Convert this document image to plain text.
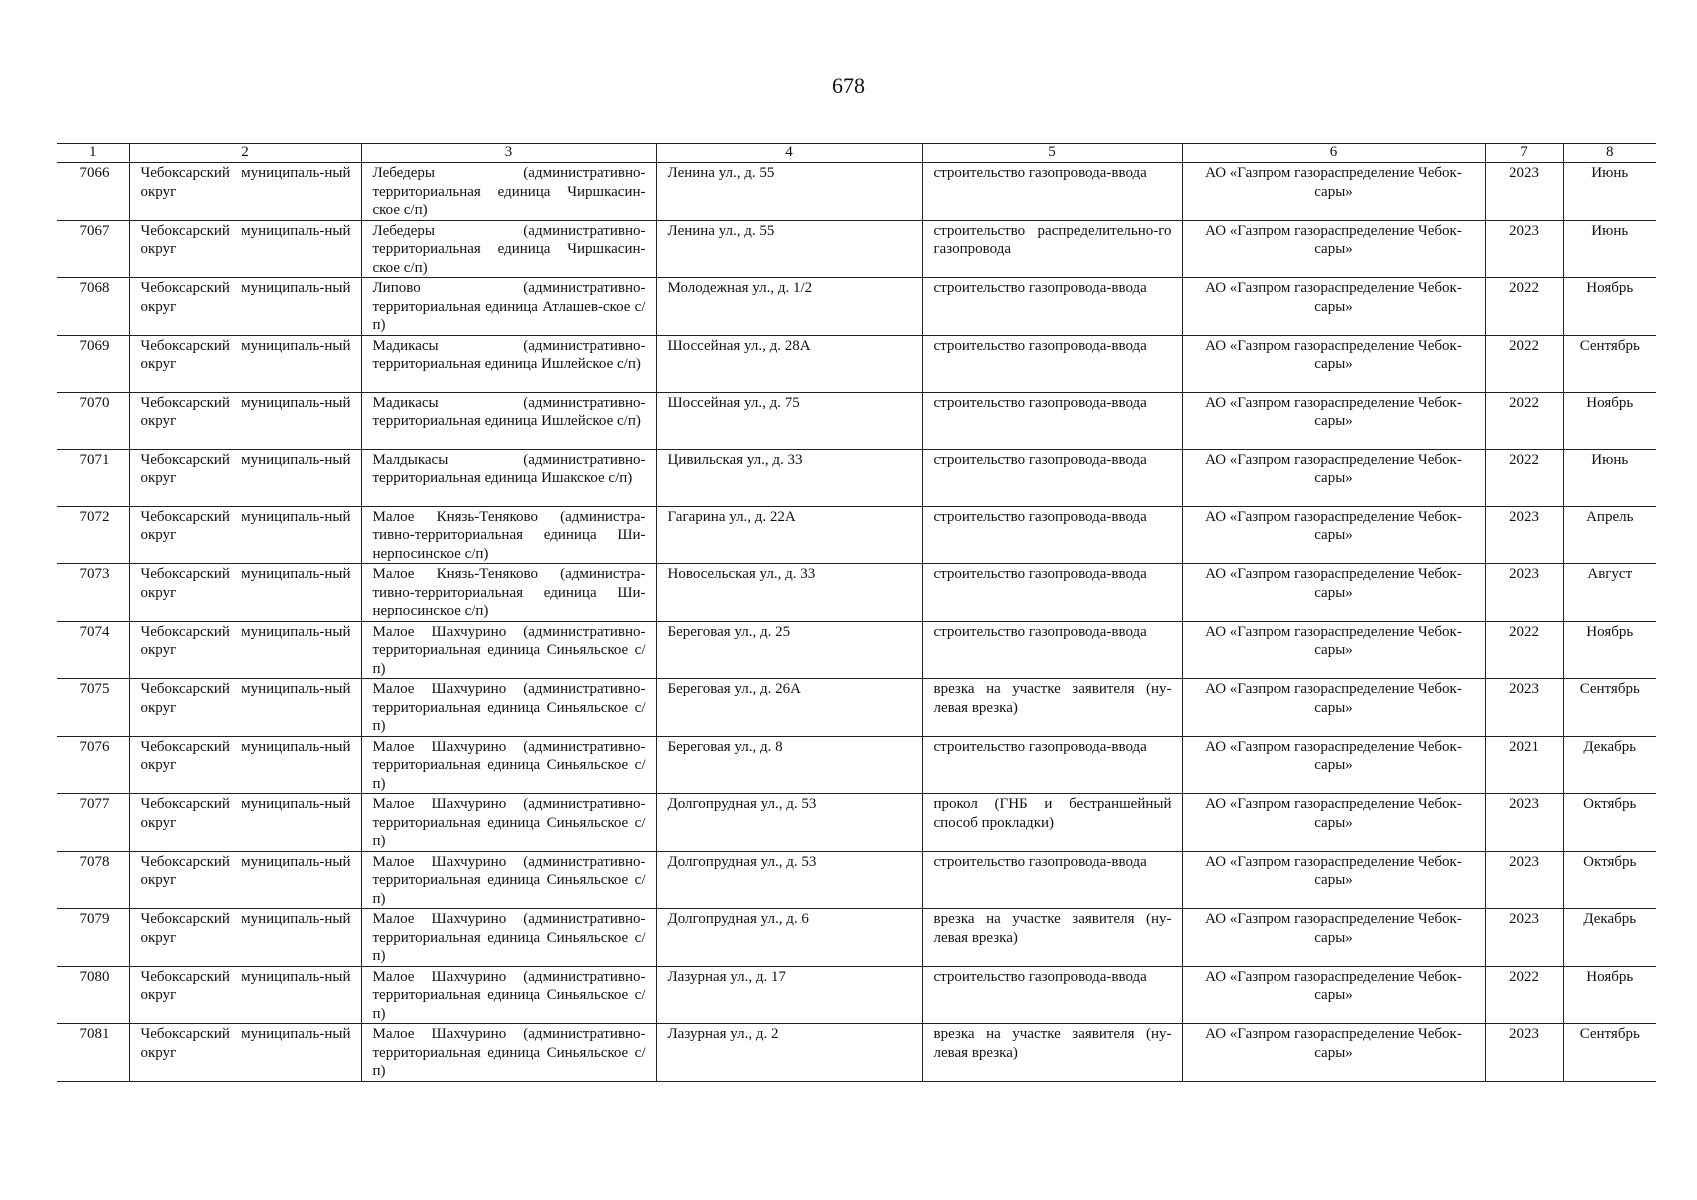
678
1	2	3	4	5	6	7	8
7066	Чебоксарский муниципаль-ный округ	Лебедеры (административно-территориальная единица Чиршкасин-ское с/п)	Ленина ул., д. 55	строительство газопровода-ввода	АО «Газпром газораспределение Чебок-сары»	2023	Июнь
7067	Чебоксарский муниципаль-ный округ	Лебедеры (административно-территориальная единица Чиршкасин-ское с/п)	Ленина ул., д. 55	строительство распределительно-го газопровода	АО «Газпром газораспределение Чебок-сары»	2023	Июнь
7068	Чебоксарский муниципаль-ный округ	Липово (административно-территориальная единица Атлашев-ское с/п)	Молодежная ул., д. 1/2	строительство газопровода-ввода	АО «Газпром газораспределение Чебок-сары»	2022	Ноябрь
7069	Чебоксарский муниципаль-ный округ	Мадикасы (административно-территориальная единица Ишлейское с/п)	Шоссейная ул., д. 28А	строительство газопровода-ввода	АО «Газпром газораспределение Чебок-сары»	2022	Сентябрь
7070	Чебоксарский муниципаль-ный округ	Мадикасы (административно-территориальная единица Ишлейское с/п)	Шоссейная ул., д. 75	строительство газопровода-ввода	АО «Газпром газораспределение Чебок-сары»	2022	Ноябрь
7071	Чебоксарский муниципаль-ный округ	Малдыкасы (административно-территориальная единица Ишакское с/п)	Цивильская ул., д. 33	строительство газопровода-ввода	АО «Газпром газораспределение Чебок-сары»	2022	Июнь
7072	Чебоксарский муниципаль-ный округ	Малое Князь-Теняково (администра-тивно-территориальная единица Ши-нерпосинское с/п)	Гагарина ул., д. 22А	строительство газопровода-ввода	АО «Газпром газораспределение Чебок-сары»	2023	Апрель
7073	Чебоксарский муниципаль-ный округ	Малое Князь-Теняково (администра-тивно-территориальная единица Ши-нерпосинское с/п)	Новосельская ул., д. 33	строительство газопровода-ввода	АО «Газпром газораспределение Чебок-сары»	2023	Август
7074	Чебоксарский муниципаль-ный округ	Малое Шахчурино (административно-территориальная единица Синьяльское с/п)	Береговая ул., д. 25	строительство газопровода-ввода	АО «Газпром газораспределение Чебок-сары»	2022	Ноябрь
7075	Чебоксарский муниципаль-ный округ	Малое Шахчурино (административно-территориальная единица Синьяльское с/п)	Береговая ул., д. 26А	врезка на участке заявителя (ну-левая врезка)	АО «Газпром газораспределение Чебок-сары»	2023	Сентябрь
7076	Чебоксарский муниципаль-ный округ	Малое Шахчурино (административно-территориальная единица Синьяльское с/п)	Береговая ул., д. 8	строительство газопровода-ввода	АО «Газпром газораспределение Чебок-сары»	2021	Декабрь
7077	Чебоксарский муниципаль-ный округ	Малое Шахчурино (административно-территориальная единица Синьяльское с/п)	Долгопрудная ул., д. 53	прокол (ГНБ и бестраншейный способ прокладки)	АО «Газпром газораспределение Чебок-сары»	2023	Октябрь
7078	Чебоксарский муниципаль-ный округ	Малое Шахчурино (административно-территориальная единица Синьяльское с/п)	Долгопрудная ул., д. 53	строительство газопровода-ввода	АО «Газпром газораспределение Чебок-сары»	2023	Октябрь
7079	Чебоксарский муниципаль-ный округ	Малое Шахчурино (административно-территориальная единица Синьяльское с/п)	Долгопрудная ул., д. 6	врезка на участке заявителя (ну-левая врезка)	АО «Газпром газораспределение Чебок-сары»	2023	Декабрь
7080	Чебоксарский муниципаль-ный округ	Малое Шахчурино (административно-территориальная единица Синьяльское с/п)	Лазурная ул., д. 17	строительство газопровода-ввода	АО «Газпром газораспределение Чебок-сары»	2022	Ноябрь
7081	Чебоксарский муниципаль-ный округ	Малое Шахчурино (административно-территориальная единица Синьяльское с/п)	Лазурная ул., д. 2	врезка на участке заявителя (ну-левая врезка)	АО «Газпром газораспределение Чебок-сары»	2023	Сентябрь
